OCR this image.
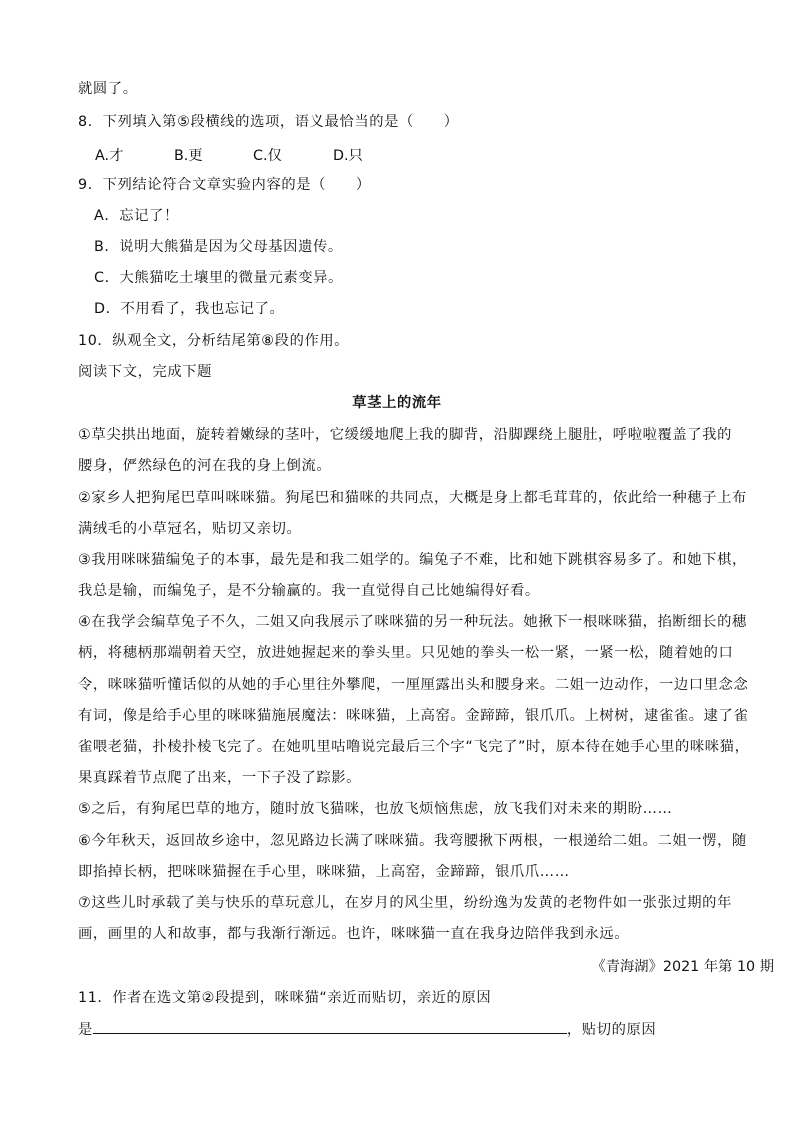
就圆了。
8．下列填入第⑤段横线的选项，语义最恰当的是（　　）
A.才	B.更	C.仅	D.只
9．下列结论符合文章实验内容的是（　　）
A．忘记了！
B．说明大熊猫是因为父母基因遗传。
C．大熊猫吃土壤里的微量元素变异。
D．不用看了，我也忘记了。
10．纵观全文，分析结尾第⑧段的作用。
阅读下文，完成下题
草茎上的流年
①草尖拱出地面，旋转着嫩绿的茎叶，它缓缓地爬上我的脚背，沿脚踝绕上腿肚，呼啦啦覆盖了我的
腰身，俨然绿色的河在我的身上倒流。
②家乡人把狗尾巴草叫咪咪猫。狗尾巴和猫咪的共同点，大概是身上都毛茸茸的，依此给一种穗子上布
满绒毛的小草冠名，贴切又亲切。
③我用咪咪猫编兔子的本事，最先是和我二姐学的。编兔子不难，比和她下跳棋容易多了。和她下棋，
我总是输，而编兔子，是不分输赢的。我一直觉得自己比她编得好看。
④在我学会编草兔子不久，二姐又向我展示了咪咪猫的另一种玩法。她揪下一根咪咪猫，掐断细长的穗
柄，将穗柄那端朝着天空，放进她握起来的拳头里。只见她的拳头一松一紧，一紧一松，随着她的口
令，咪咪猫听懂话似的从她的手心里往外攀爬，一厘厘露出头和腰身来。二姐一边动作，一边口里念念
有词，像是给手心里的咪咪猫施展魔法：咪咪猫，上高窑。金蹄蹄，银爪爪。上树树，逮雀雀。逮了雀
雀喂老猫，扑棱扑棱飞完了。在她叽里咕噜说完最后三个字“飞完了”时，原本待在她手心里的咪咪猫，
果真踩着节点爬了出来，一下子没了踪影。
⑤之后，有狗尾巴草的地方，随时放飞猫咪，也放飞烦恼焦虑，放飞我们对未来的期盼……
⑥今年秋天，返回故乡途中，忽见路边长满了咪咪猫。我弯腰揪下两根，一根递给二姐。二姐一愣，随
即掐掉长柄，把咪咪猫握在手心里，咪咪猫，上高窑，金蹄蹄，银爪爪……
⑦这些儿时承载了美与快乐的草玩意儿，在岁月的风尘里，纷纷逸为发黄的老物件如一张张过期的年
画，画里的人和故事，都与我渐行渐远。也许，咪咪猫一直在我身边陪伴我到永远。
《青海湖》2021 年第 10 期
11．作者在选文第②段提到，咪咪猫“亲近而贴切，亲近的原因
是	，贴切的原因
